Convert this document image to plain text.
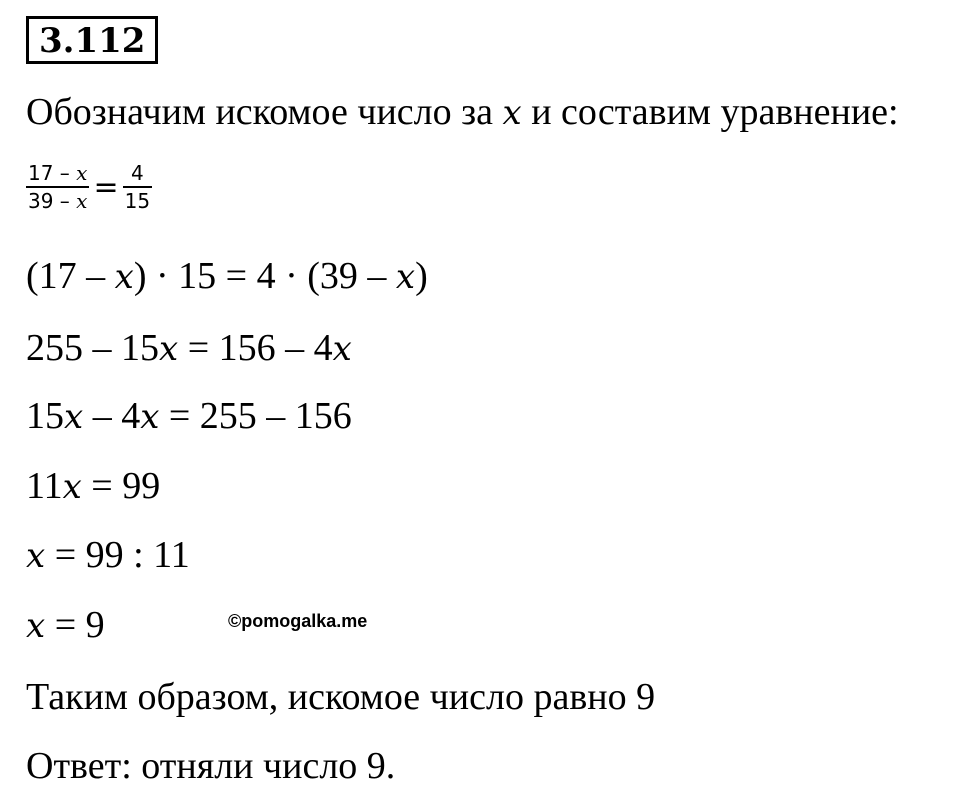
3.112
Обозначим искомое число за x и составим уравнение:
$\frac{17 - x}{39 - x} = \frac{4}{15}$
(17 – x) · 15 = 4 · (39 – x)
255 – 15x = 156 – 4x
15x – 4x = 255 – 156
11x = 99
x = 99 : 11
x = 9	©pomogalka.me
Таким образом, искомое число равно 9
Ответ: отняли число 9.
